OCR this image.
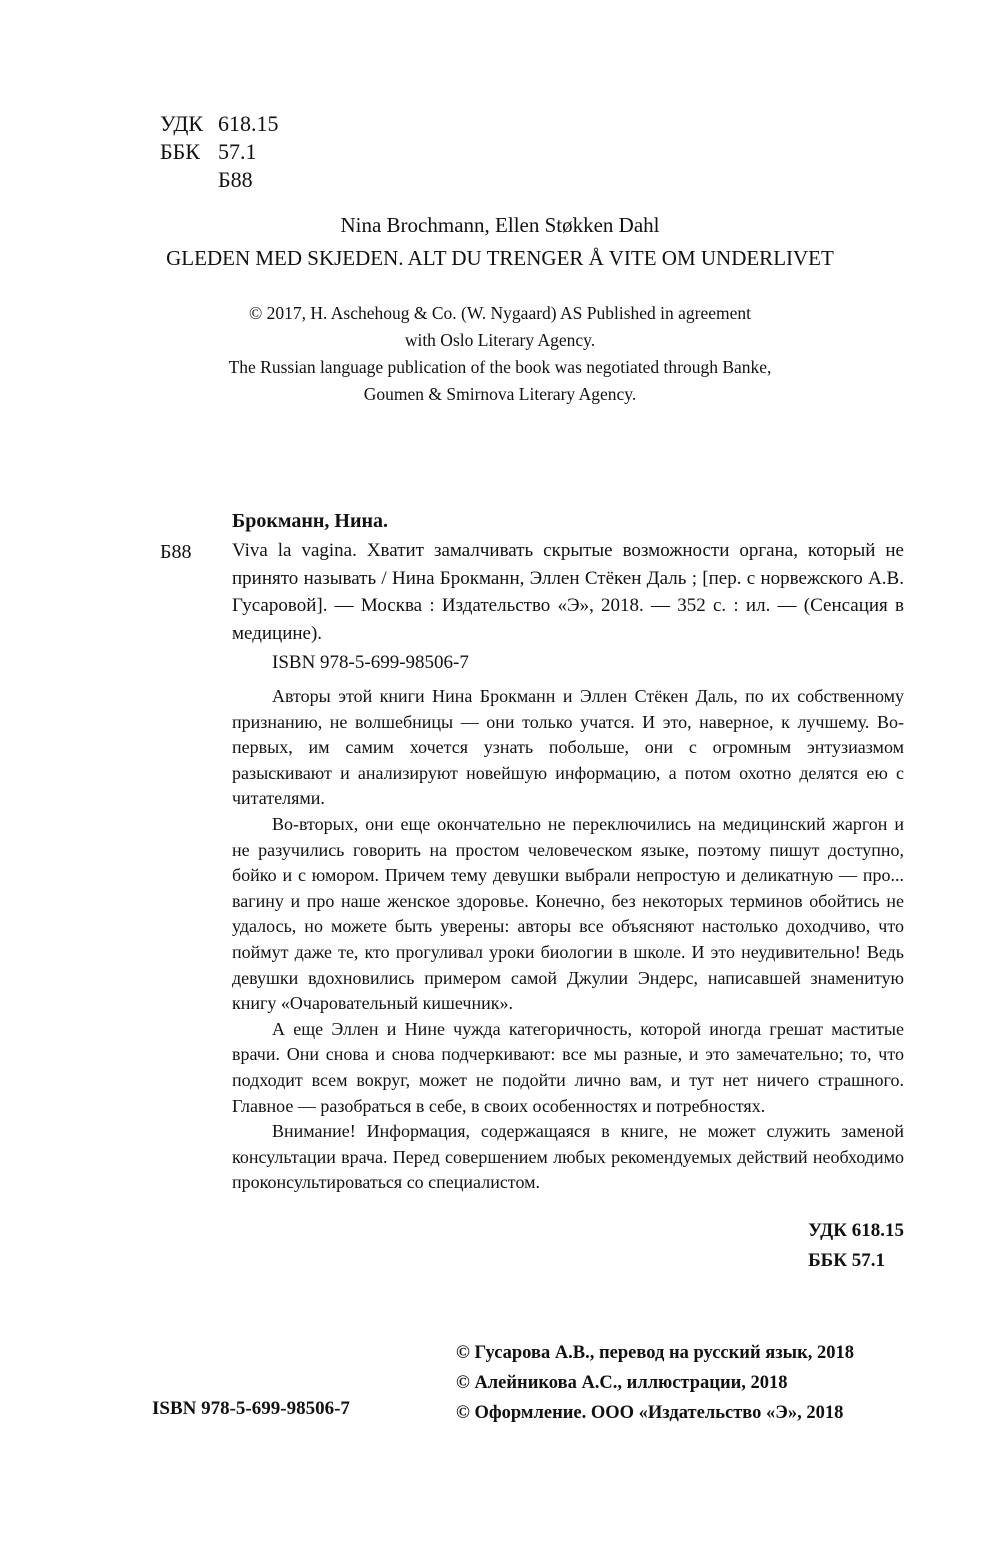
УДК 618.15
ББК 57.1
Б88
Nina Brochmann, Ellen Støkken Dahl
GLEDEN MED SKJEDEN. ALT DU TRENGER Å VITE OM UNDERLIVET
© 2017, H. Aschehoug & Co. (W. Nygaard) AS Published in agreement
with Oslo Literary Agency.
The Russian language publication of the book was negotiated through Banke,
Goumen & Smirnova Literary Agency.
Брокманн, Нина.
Б88 Viva la vagina. Хватит замалчивать скрытые возможности органа, который не принято называть / Нина Брокманн, Эллен Стёкен Даль ; [пер. с норвежского А.В. Гусаровой]. — Москва : Издательство «Э», 2018. — 352 с. : ил. — (Сенсация в медицине).
ISBN 978-5-699-98506-7

Авторы этой книги Нина Брокманн и Эллен Стёкен Даль, по их собственному признанию, не волшебницы — они только учатся. И это, наверное, к лучшему. Во-первых, им самим хочется узнать побольше, они с огромным энтузиазмом разыскивают и анализируют новейшую информацию, а потом охотно делятся ею с читателями.

Во-вторых, они еще окончательно не переключились на медицинский жаргон и не разучились говорить на простом человеческом языке, поэтому пишут доступно, бойко и с юмором. Причем тему девушки выбрали непростую и деликатную — про... вагину и про наше женское здоровье. Конечно, без некоторых терминов обойтись не удалось, но можете быть уверены: авторы все объясняют настолько доходчиво, что поймут даже те, кто прогуливал уроки биологии в школе. И это неудивительно! Ведь девушки вдохновились примером самой Джулии Эндерс, написавшей знаменитую книгу «Очаровательный кишечник».

А еще Эллен и Нине чужда категоричность, которой иногда грешат маститые врачи. Они снова и снова подчеркивают: все мы разные, и это замечательно; то, что подходит всем вокруг, может не подойти лично вам, и тут нет ничего страшного. Главное — разобраться в себе, в своих особенностях и потребностях.

Внимание! Информация, содержащаяся в книге, не может служить заменой консультации врача. Перед совершением любых рекомендуемых действий необходимо проконсультироваться со специалистом.

УДК 618.15
ББК 57.1
© Гусарова А.В., перевод на русский язык, 2018
© Алейникова А.С., иллюстрации, 2018
© Оформление. ООО «Издательство «Э», 2018
ISBN 978-5-699-98506-7
